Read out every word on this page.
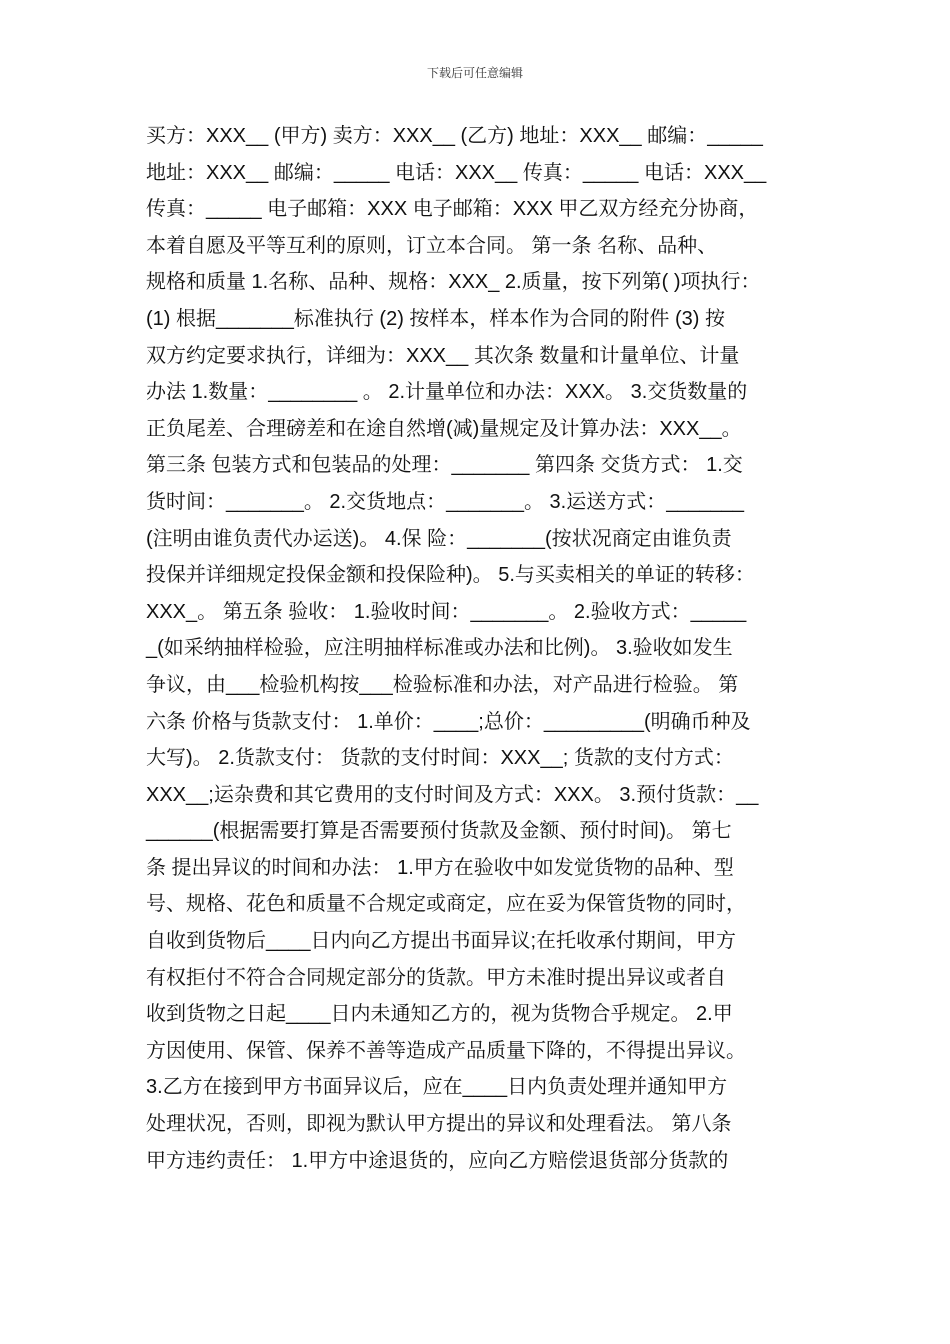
下载后可任意编辑
买方：XXX__ (甲方) 卖方：XXX__ (乙方) 地址：XXX__ 邮编：_____
地址：XXX__ 邮编：_____ 电话：XXX__ 传真：_____ 电话：XXX__
传真：_____ 电子邮箱：XXX 电子邮箱：XXX 甲乙双方经充分协商，
本着自愿及平等互利的原则，订立本合同。 第一条 名称、品种、
规格和质量 1.名称、品种、规格：XXX_ 2.质量，按下列第( )项执行：
(1) 根据_______标准执行 (2) 按样本，样本作为合同的附件 (3) 按
双方约定要求执行，详细为：XXX__ 其次条 数量和计量单位、计量
办法 1.数量：________ 。 2.计量单位和办法：XXX。 3.交货数量的
正负尾差、合理磅差和在途自然增(减)量规定及计算办法：XXX__。
第三条 包装方式和包装品的处理：_______ 第四条 交货方式： 1.交
货时间：_______。 2.交货地点：_______。 3.运送方式：_______
(注明由谁负责代办运送)。 4.保 险：_______(按状况商定由谁负责
投保并详细规定投保金额和投保险种)。 5.与买卖相关的单证的转移：
XXX_。 第五条 验收： 1.验收时间：_______。 2.验收方式：_____
_(如采纳抽样检验，应注明抽样标准或办法和比例)。 3.验收如发生
争议，由___检验机构按___检验标准和办法，对产品进行检验。 第
六条 价格与货款支付： 1.单价：____;总价：_________(明确币种及
大写)。 2.货款支付： 货款的支付时间：XXX__; 货款的支付方式：
XXX__;运杂费和其它费用的支付时间及方式：XXX。 3.预付货款：__
______(根据需要打算是否需要预付货款及金额、预付时间)。 第七
条 提出异议的时间和办法： 1.甲方在验收中如发觉货物的品种、型
号、规格、花色和质量不合规定或商定，应在妥为保管货物的同时，
自收到货物后____日内向乙方提出书面异议;在托收承付期间，甲方
有权拒付不符合合同规定部分的货款。甲方未准时提出异议或者自
收到货物之日起____日内未通知乙方的，视为货物合乎规定。 2.甲
方因使用、保管、保养不善等造成产品质量下降的，不得提出异议。
3.乙方在接到甲方书面异议后，应在____日内负责处理并通知甲方
处理状况，否则，即视为默认甲方提出的异议和处理看法。 第八条
甲方违约责任： 1.甲方中途退货的，应向乙方赔偿退货部分货款的
